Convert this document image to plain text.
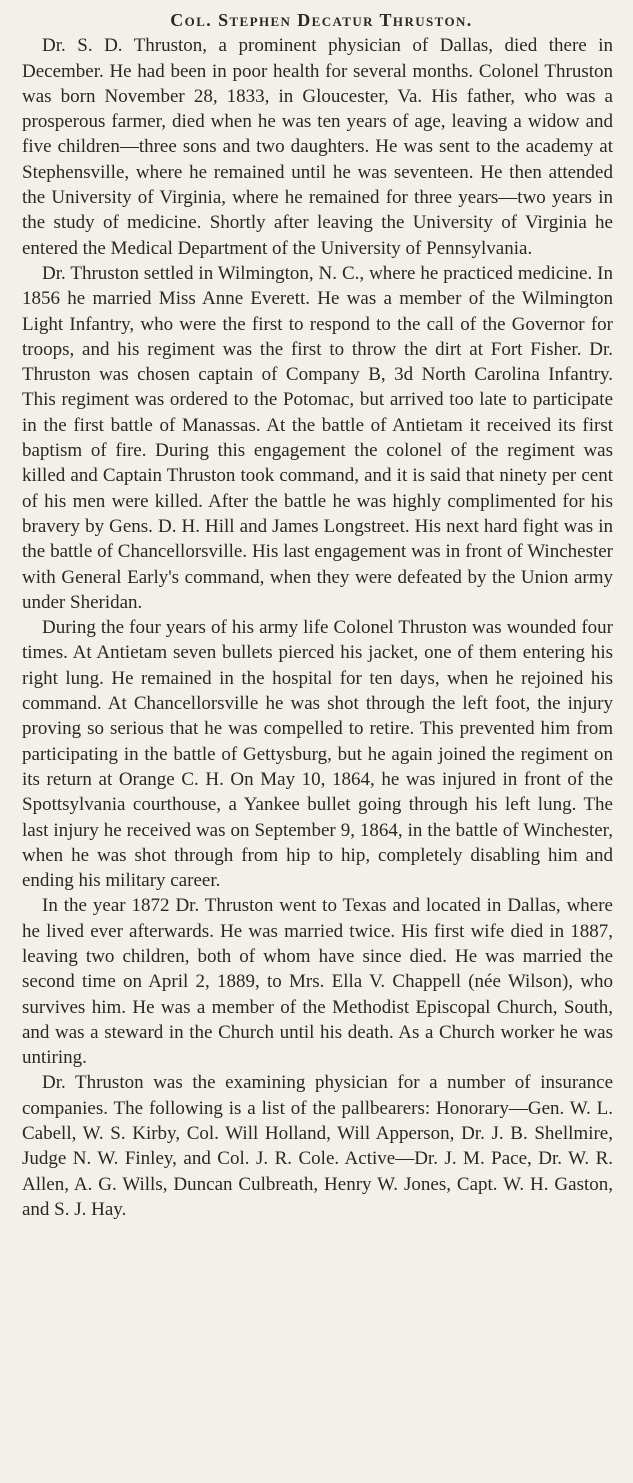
Col. Stephen Decatur Thruston.

Dr. S. D. Thruston, a prominent physician of Dallas, died there in December. He had been in poor health for several months. Colonel Thruston was born November 28, 1833, in Gloucester, Va. His father, who was a prosperous farmer, died when he was ten years of age, leaving a widow and five children—three sons and two daughters. He was sent to the academy at Stephensville, where he remained until he was seventeen. He then attended the University of Virginia, where he remained for three years—two years in the study of medicine. Shortly after leaving the University of Virginia he entered the Medical Department of the University of Pennsylvania.

Dr. Thruston settled in Wilmington, N. C., where he practiced medicine. In 1856 he married Miss Anne Everett. He was a member of the Wilmington Light Infantry, who were the first to respond to the call of the Governor for troops, and his regiment was the first to throw the dirt at Fort Fisher. Dr. Thruston was chosen captain of Company B, 3d North Carolina Infantry. This regiment was ordered to the Potomac, but arrived too late to participate in the first battle of Manassas. At the battle of Antietam it received its first baptism of fire. During this engagement the colonel of the regiment was killed and Captain Thruston took command, and it is said that ninety per cent of his men were killed. After the battle he was highly complimented for his bravery by Gens. D. H. Hill and James Longstreet. His next hard fight was in the battle of Chancellorsville. His last engagement was in front of Winchester with General Early's command, when they were defeated by the Union army under Sheridan.

During the four years of his army life Colonel Thruston was wounded four times. At Antietam seven bullets pierced his jacket, one of them entering his right lung. He remained in the hospital for ten days, when he rejoined his command. At Chancellorsville he was shot through the left foot, the injury proving so serious that he was compelled to retire. This prevented him from participating in the battle of Gettysburg, but he again joined the regiment on its return at Orange C. H. On May 10, 1864, he was injured in front of the Spottsylvania courthouse, a Yankee bullet going through his left lung. The last injury he received was on September 9, 1864, in the battle of Winchester, when he was shot through from hip to hip, completely disabling him and ending his military career.

In the year 1872 Dr. Thruston went to Texas and located in Dallas, where he lived ever afterwards. He was married twice. His first wife died in 1887, leaving two children, both of whom have since died. He was married the second time on April 2, 1889, to Mrs. Ella V. Chappell (née Wilson), who survives him. He was a member of the Methodist Episcopal Church, South, and was a steward in the Church until his death. As a Church worker he was untiring.

Dr. Thruston was the examining physician for a number of insurance companies. The following is a list of the pallbearers: Honorary—Gen. W. L. Cabell, W. S. Kirby, Col. Will Holland, Will Apperson, Dr. J. B. Shellmire, Judge N. W. Finley, and Col. J. R. Cole. Active—Dr. J. M. Pace, Dr. W. R. Allen, A. G. Wills, Duncan Culbreath, Henry W. Jones, Capt. W. H. Gaston, and S. J. Hay.
